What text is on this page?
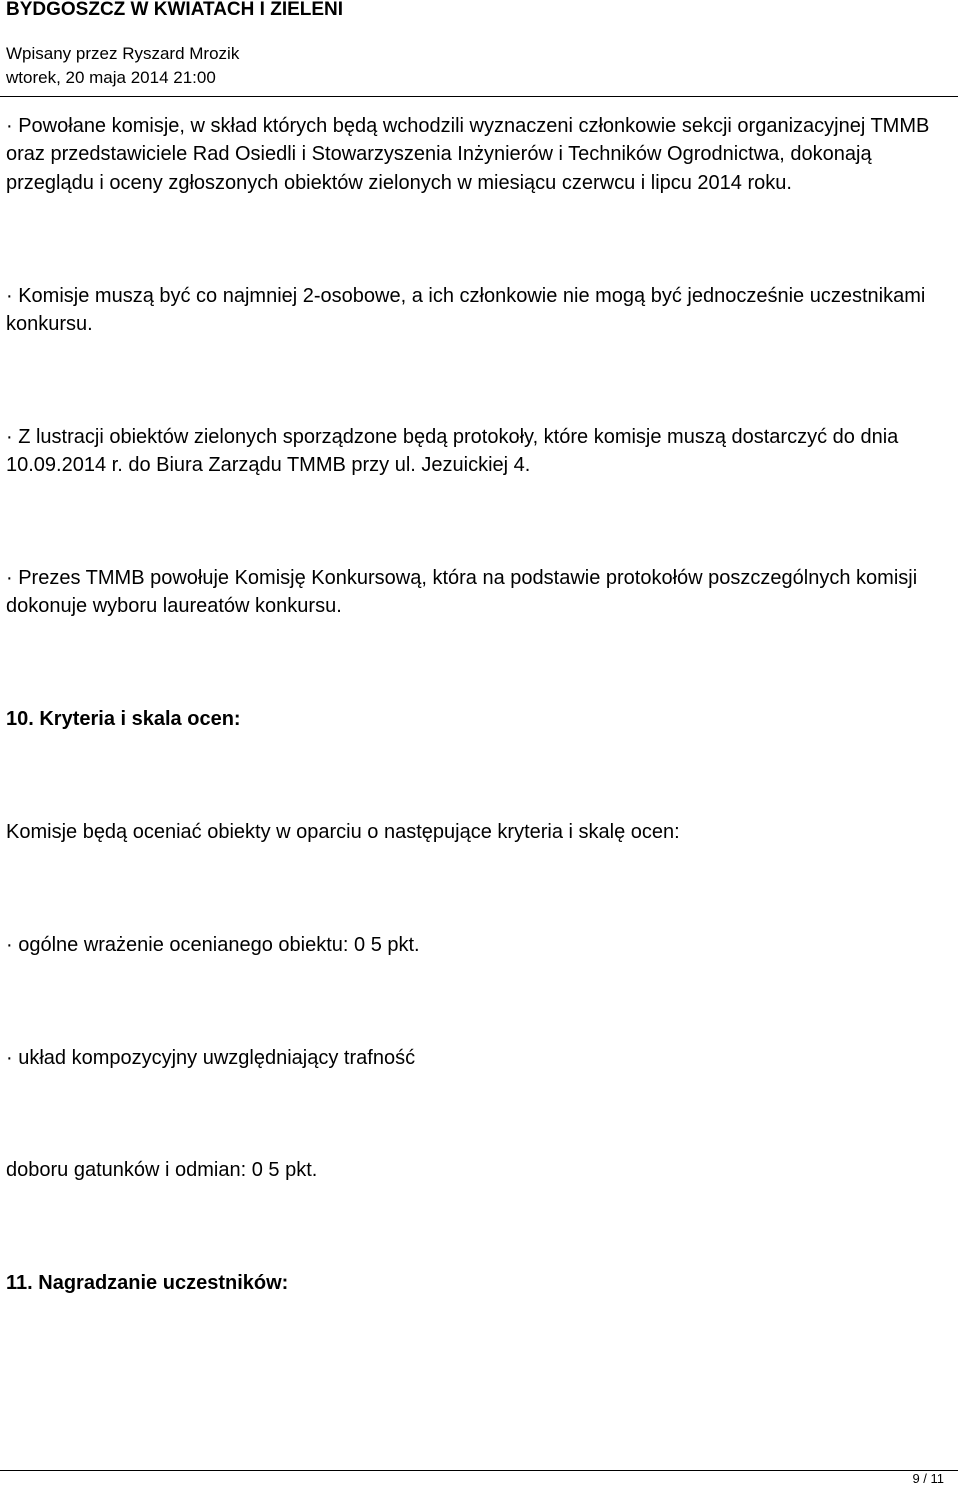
BYDGOSZCZ W KWIATACH I ZIELENI
Wpisany przez Ryszard Mrozik
wtorek, 20 maja 2014 21:00

· Powołane komisje, w skład których będą wchodzili wyznaczeni członkowie sekcji organizacyjnej TMMB oraz przedstawiciele Rad Osiedli i Stowarzyszenia Inżynierów i Techników Ogrodnictwa, dokonają przeglądu i oceny zgłoszonych obiektów zielonych w miesiącu czerwcu i lipcu 2014 roku.

· Komisje muszą być co najmniej 2-osobowe, a ich członkowie nie mogą być jednocześnie uczestnikami konkursu.

· Z lustracji obiektów zielonych sporządzone będą protokoły, które komisje muszą dostarczyć do dnia 10.09.2014 r. do Biura Zarządu TMMB przy ul. Jezuickiej 4.

· Prezes TMMB powołuje Komisję Konkursową, która na podstawie protokołów poszczególnych komisji dokonuje wyboru laureatów konkursu.

10. Kryteria i skala ocen:

Komisje będą oceniać obiekty w oparciu o następujące kryteria i skalę ocen:

· ogólne wrażenie ocenianego obiektu: 0 5 pkt.

· układ kompozycyjny uwzględniający trafność

doboru gatunków i odmian: 0 5 pkt.

11. Nagradzanie uczestników:

9 / 11
